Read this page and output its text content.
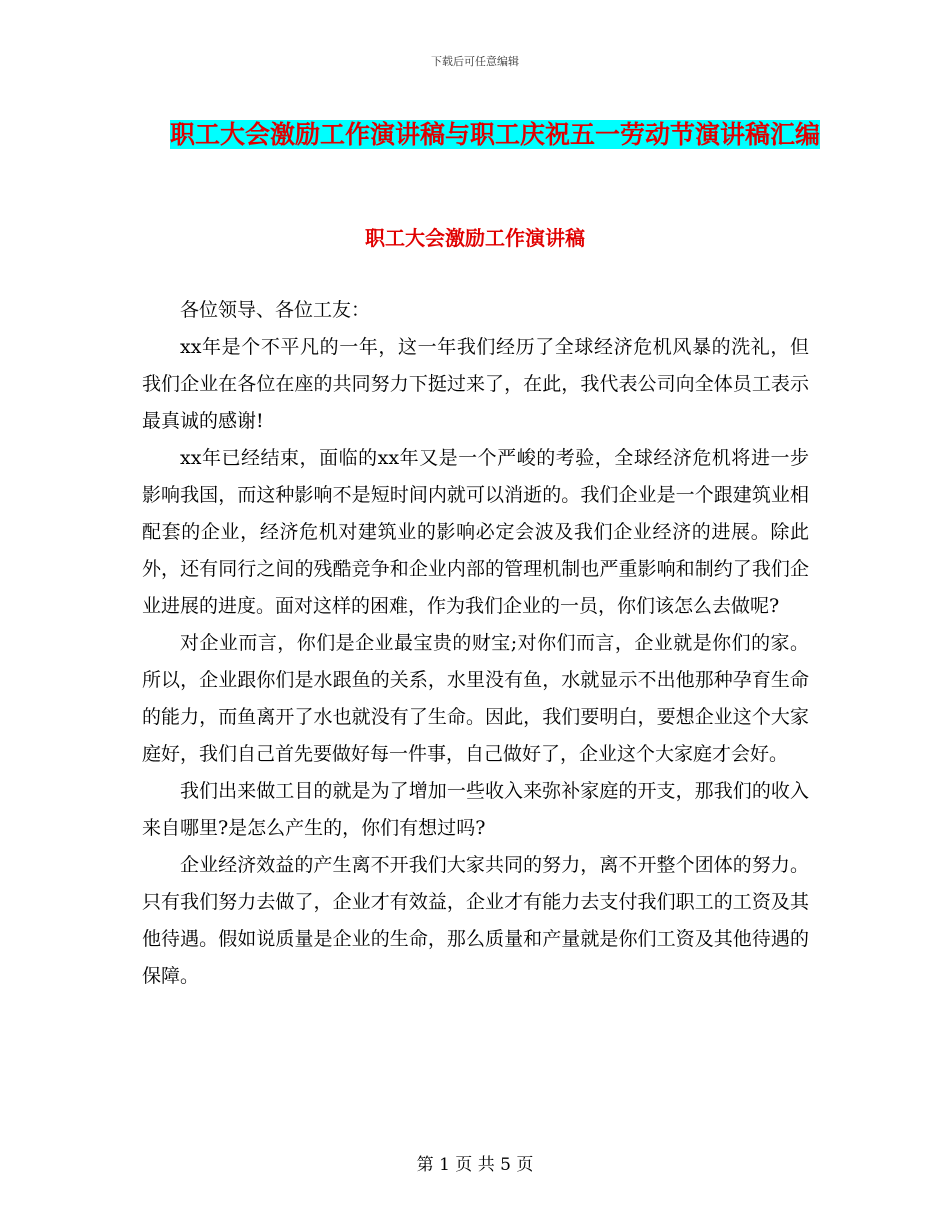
下载后可任意编辑
职工大会激励工作演讲稿与职工庆祝五一劳动节演讲稿汇编
职工大会激励工作演讲稿

各位领导、各位工友：

xx年是个不平凡的一年，这一年我们经历了全球经济危机风暴的洗礼，但我们企业在各位在座的共同努力下挺过来了，在此，我代表公司向全体员工表示最真诚的感谢!

xx年已经结束，面临的xx年又是一个严峻的考验，全球经济危机将进一步影响我国，而这种影响不是短时间内就可以消逝的。我们企业是一个跟建筑业相配套的企业，经济危机对建筑业的影响必定会波及我们企业经济的进展。除此外，还有同行之间的残酷竞争和企业内部的管理机制也严重影响和制约了我们企业进展的进度。面对这样的困难，作为我们企业的一员，你们该怎么去做呢?

对企业而言，你们是企业最宝贵的财宝;对你们而言，企业就是你们的家。所以，企业跟你们是水跟鱼的关系，水里没有鱼，水就显示不出他那种孕育生命的能力，而鱼离开了水也就没有了生命。因此，我们要明白，要想企业这个大家庭好，我们自己首先要做好每一件事，自己做好了，企业这个大家庭才会好。

我们出来做工目的就是为了增加一些收入来弥补家庭的开支，那我们的收入来自哪里?是怎么产生的，你们有想过吗?

企业经济效益的产生离不开我们大家共同的努力，离不开整个团体的努力。只有我们努力去做了，企业才有效益，企业才有能力去支付我们职工的工资及其他待遇。假如说质量是企业的生命，那么质量和产量就是你们工资及其他待遇的保障。

第 1 页 共 5 页
